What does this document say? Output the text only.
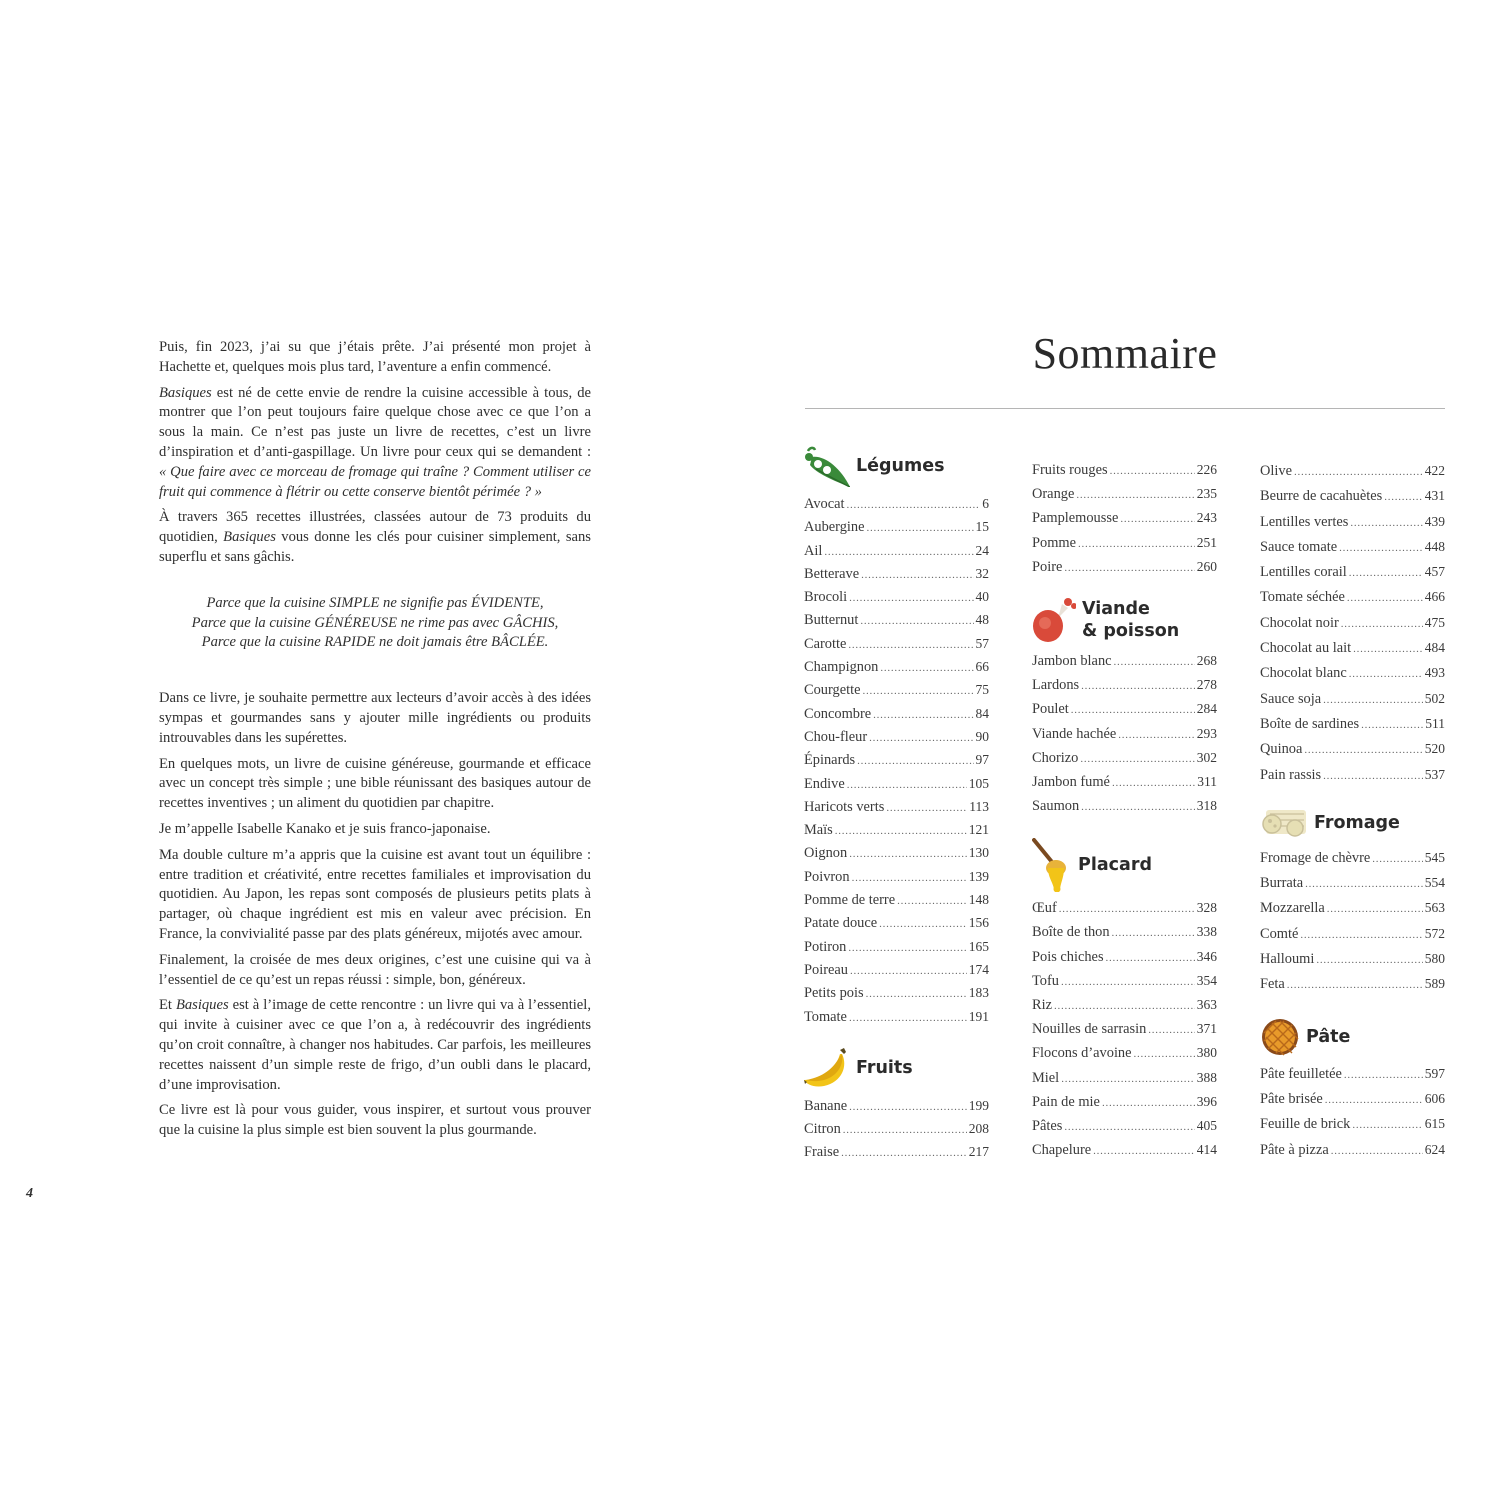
Puis, fin 2023, j’ai su que j’étais prête. J’ai présenté mon projet à Hachette et, quelques mois plus tard, l’aventure a enfin commencé.

Basiques est né de cette envie de rendre la cuisine accessible à tous, de montrer que l’on peut toujours faire quelque chose avec ce que l’on a sous la main. Ce n’est pas juste un livre de recettes, c’est un livre d’inspiration et d’anti-gaspillage. Un livre pour ceux qui se demandent : « Que faire avec ce morceau de fromage qui traîne ? Comment utiliser ce fruit qui commence à flétrir ou cette conserve bientôt périmée ? »

À travers 365 recettes illustrées, classées autour de 73 produits du quotidien, Basiques vous donne les clés pour cuisiner simplement, sans superflu et sans gâchis.

Parce que la cuisine SIMPLE ne signifie pas ÉVIDENTE,
Parce que la cuisine GÉNÉREUSE ne rime pas avec GÂCHIS,
Parce que la cuisine RAPIDE ne doit jamais être BÂCLÉE.

Dans ce livre, je souhaite permettre aux lecteurs d’avoir accès à des idées sympas et gourmandes sans y ajouter mille ingrédients ou produits introuvables dans les supérettes.

En quelques mots, un livre de cuisine généreuse, gourmande et efficace avec un concept très simple ; une bible réunissant des basiques autour de recettes inventives ; un aliment du quotidien par chapitre.

Je m’appelle Isabelle Kanako et je suis franco-japonaise.

Ma double culture m’a appris que la cuisine est avant tout un équilibre : entre tradition et créativité, entre recettes familiales et improvisation du quotidien. Au Japon, les repas sont composés de plusieurs petits plats à partager, où chaque ingrédient est mis en valeur avec précision. En France, la convivialité passe par des plats généreux, mijotés avec amour.

Finalement, la croisée de mes deux origines, c’est une cuisine qui va à l’essentiel de ce qu’est un repas réussi : simple, bon, généreux.

Et Basiques est à l’image de cette rencontre : un livre qui va à l’essentiel, qui invite à cuisiner avec ce que l’on a, à redécouvrir des ingrédients qu’on croit connaître, à changer nos habitudes. Car parfois, les meilleures recettes naissent d’un simple reste de frigo, d’un oubli dans le placard, d’une improvisation.

Ce livre est là pour vous guider, vous inspirer, et surtout vous prouver que la cuisine la plus simple est bien souvent la plus gourmande.

4
Sommaire
Légumes
Avocat . . .	6
Aubergine . . .	15
Ail . . .	24
Betterave . . .	32
Brocoli . . .	40
Butternut . . .	48
Carotte . . .	57
Champignon . . .	66
Courgette . . .	75
Concombre . . .	84
Chou-fleur . . .	90
Épinards . . .	97
Endive . . .	105
Haricots verts . . .	113
Maïs . . .	121
Oignon . . .	130
Poivron . . .	139
Pomme de terre . . .	148
Patate douce . . .	156
Potiron . . .	165
Poireau . . .	174
Petits pois . . .	183
Tomate . . .	191
Fruits
Banane . . .	199
Citron . . .	208
Fraise . . .	217
Fruits rouges . . .	226
Orange . . .	235
Pamplemousse . . .	243
Pomme . . .	251
Poire . . .	260
Viande
& poisson
Jambon blanc . . .	268
Lardons . . .	278
Poulet . . .	284
Viande hachée . . .	293
Chorizo . . .	302
Jambon fumé . . .	311
Saumon . . .	318
Placard
Œuf . . .	328
Boîte de thon . . .	338
Pois chiches . . .	346
Tofu . . .	354
Riz . . .	363
Nouilles de sarrasin . . .	371
Flocons d’avoine . . .	380
Miel . . .	388
Pain de mie . . .	396
Pâtes . . .	405
Chapelure . . .	414
Olive . . .	422
Beurre de cacahuètes . . .	431
Lentilles vertes . . .	439
Sauce tomate . . .	448
Lentilles corail . . .	457
Tomate séchée . . .	466
Chocolat noir . . .	475
Chocolat au lait . . .	484
Chocolat blanc . . .	493
Sauce soja . . .	502
Boîte de sardines . . .	511
Quinoa . . .	520
Pain rassis . . .	537
Fromage
Fromage de chèvre . . .	545
Burrata . . .	554
Mozzarella . . .	563
Comté . . .	572
Halloumi . . .	580
Feta . . .	589
Pâte
Pâte feuilletée . . .	597
Pâte brisée . . .	606
Feuille de brick . . .	615
Pâte à pizza . . .	624
